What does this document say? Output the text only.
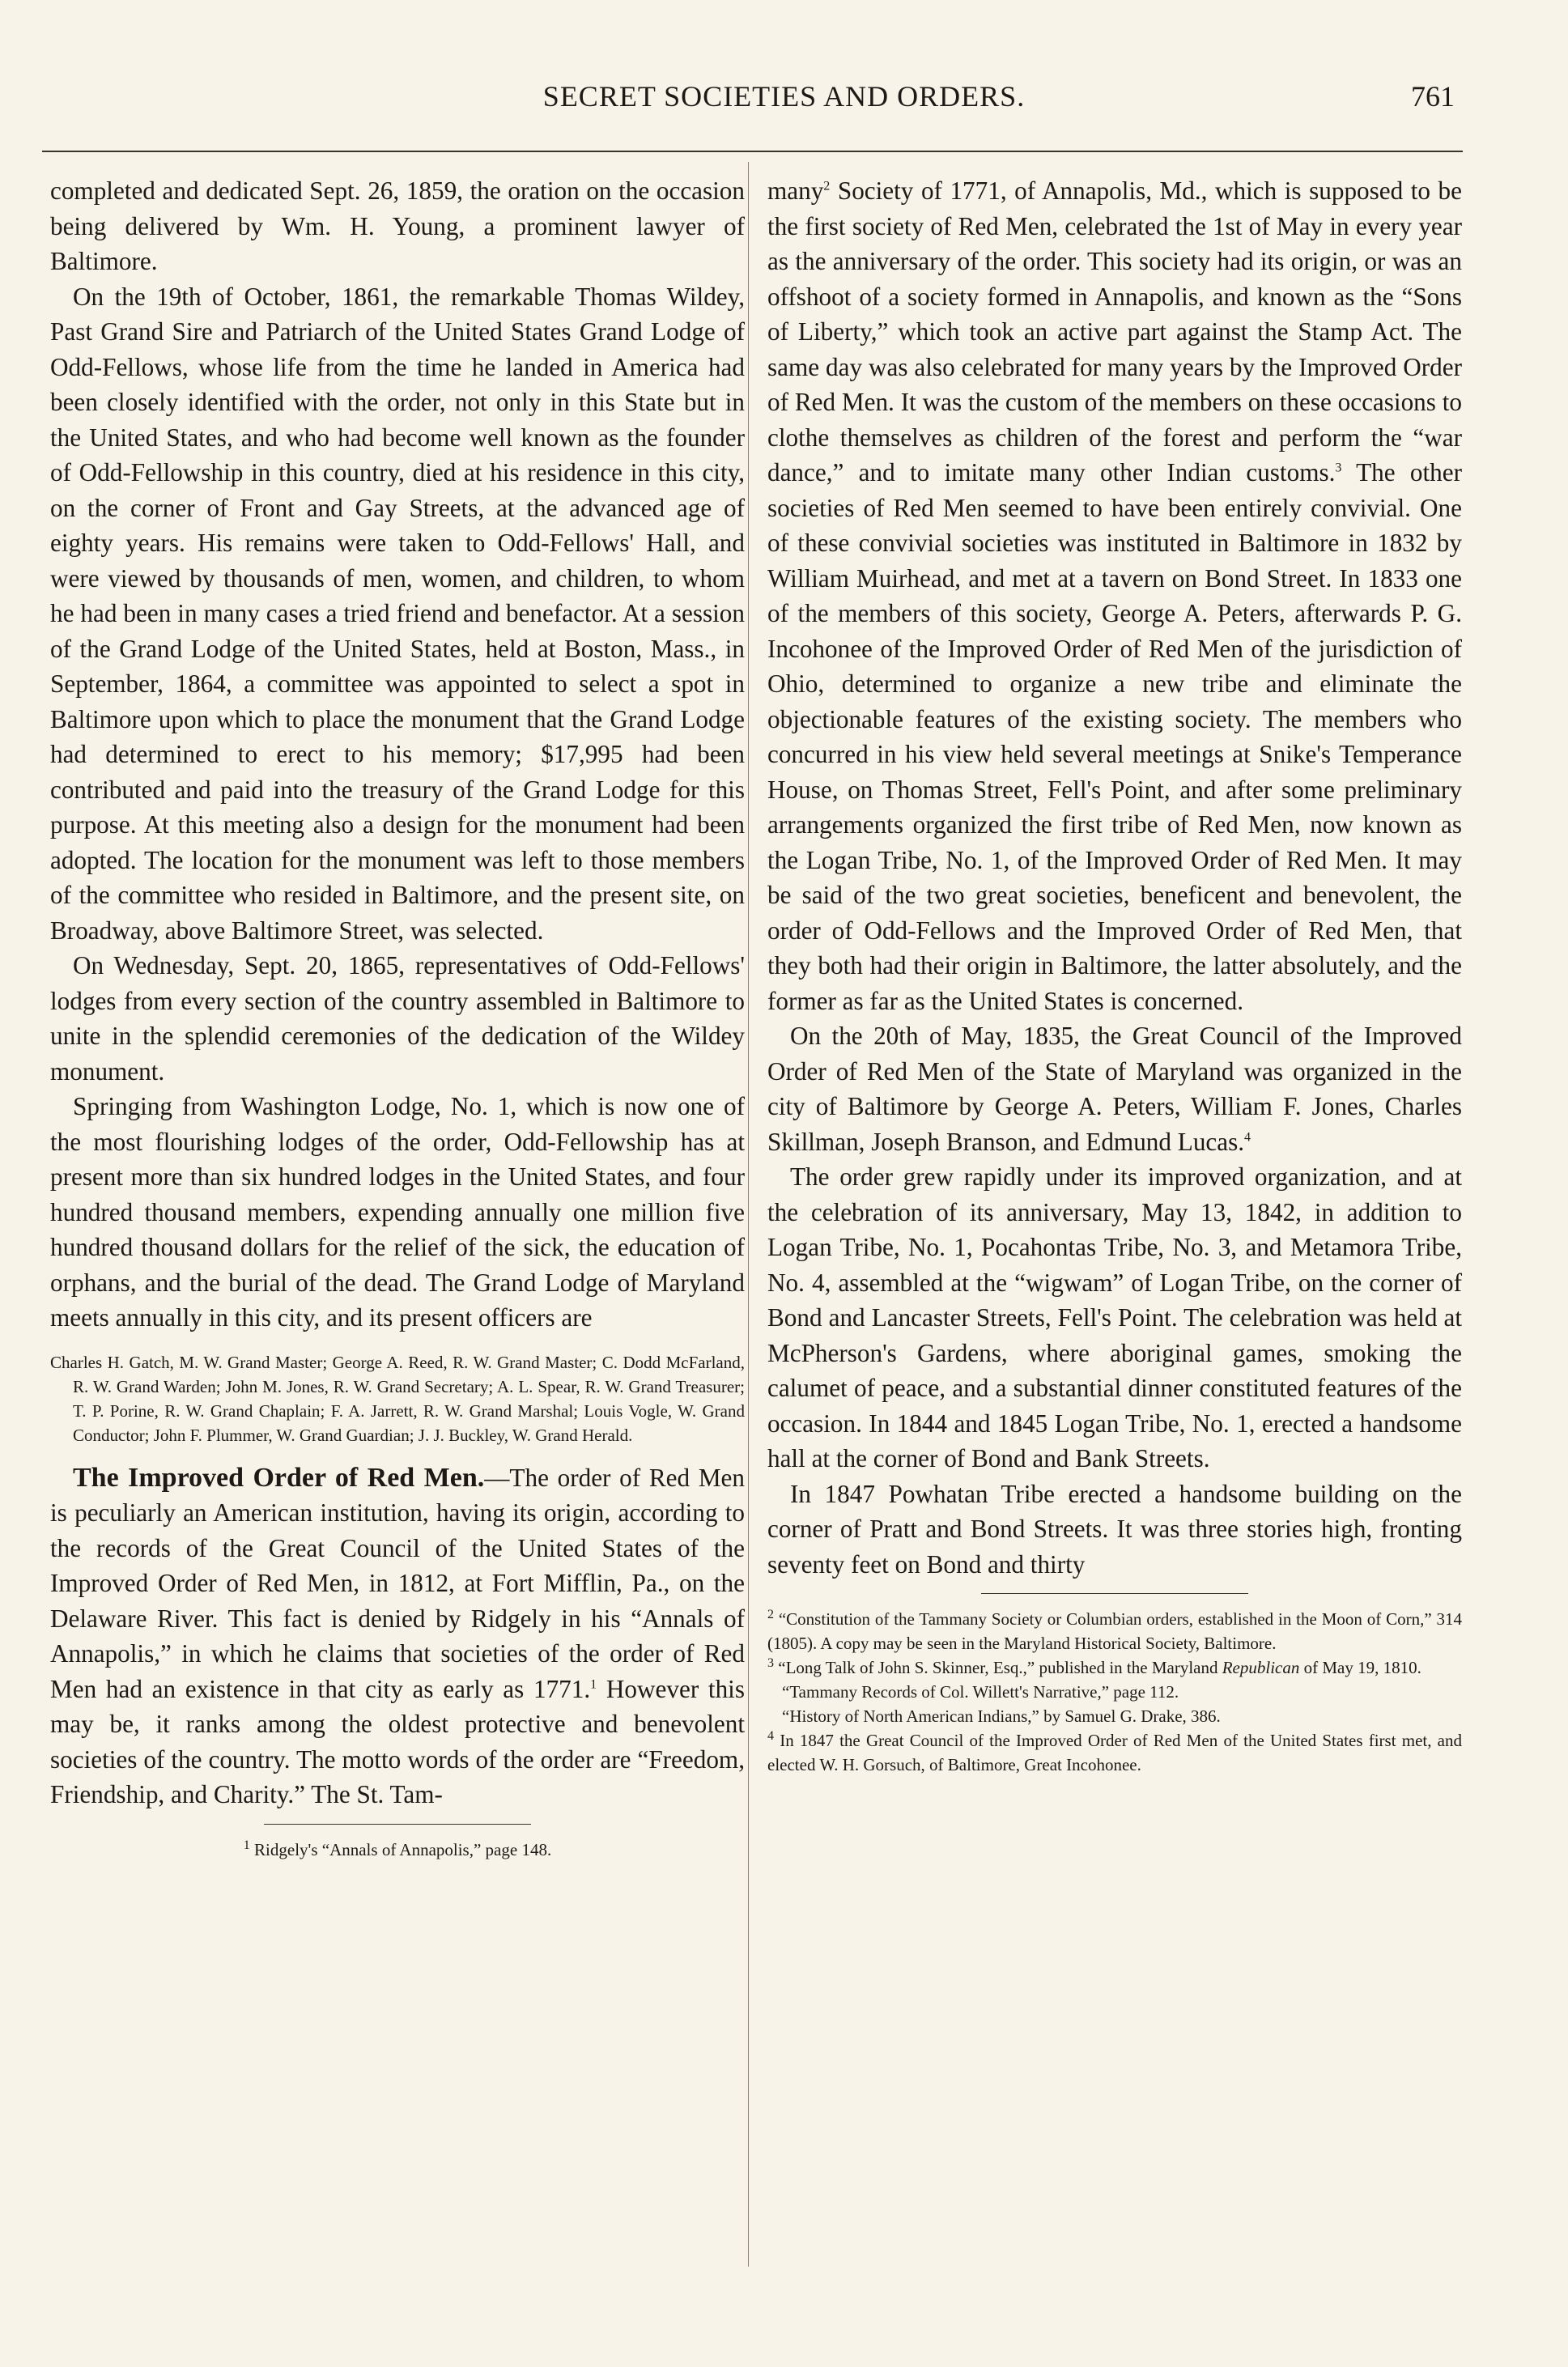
SECRET SOCIETIES AND ORDERS.	761

completed and dedicated Sept. 26, 1859, the oration on the occasion being delivered by Wm. H. Young, a prominent lawyer of Baltimore.

On the 19th of October, 1861, the remarkable Thomas Wildey, Past Grand Sire and Patriarch of the United States Grand Lodge of Odd-Fellows, whose life from the time he landed in America had been closely identified with the order, not only in this State but in the United States, and who had become well known as the founder of Odd-Fellowship in this country, died at his residence in this city, on the corner of Front and Gay Streets, at the advanced age of eighty years. His remains were taken to Odd-Fellows' Hall, and were viewed by thousands of men, women, and children, to whom he had been in many cases a tried friend and benefactor. At a session of the Grand Lodge of the United States, held at Boston, Mass., in September, 1864, a committee was appointed to select a spot in Baltimore upon which to place the monument that the Grand Lodge had determined to erect to his memory; $17,995 had been contributed and paid into the treasury of the Grand Lodge for this purpose. At this meeting also a design for the monument had been adopted. The location for the monument was left to those members of the committee who resided in Baltimore, and the present site, on Broadway, above Baltimore Street, was selected.

On Wednesday, Sept. 20, 1865, representatives of Odd-Fellows' lodges from every section of the country assembled in Baltimore to unite in the splendid ceremonies of the dedication of the Wildey monument.

Springing from Washington Lodge, No. 1, which is now one of the most flourishing lodges of the order, Odd-Fellowship has at present more than six hundred lodges in the United States, and four hundred thousand members, expending annually one million five hundred thousand dollars for the relief of the sick, the education of orphans, and the burial of the dead. The Grand Lodge of Maryland meets annually in this city, and its present officers are

Charles H. Gatch, M. W. Grand Master; George A. Reed, R. W. Grand Master; C. Dodd McFarland, R. W. Grand Warden; John M. Jones, R. W. Grand Secretary; A. L. Spear, R. W. Grand Treasurer; T. P. Porine, R. W. Grand Chaplain; F. A. Jarrett, R. W. Grand Marshal; Louis Vogle, W. Grand Conductor; John F. Plummer, W. Grand Guardian; J. J. Buckley, W. Grand Herald.

The Improved Order of Red Men.—The order of Red Men is peculiarly an American institution, having its origin, according to the records of the Great Council of the United States of the Improved Order of Red Men, in 1812, at Fort Mifflin, Pa., on the Delaware River. This fact is denied by Ridgely in his “Annals of Annapolis,” in which he claims that societies of the order of Red Men had an existence in that city as early as 1771.$^1$ However this may be, it ranks among the oldest protective and benevolent societies of the country. The motto words of the order are “Freedom, Friendship, and Charity.” The St. Tam-

$^1$ Ridgely's “Annals of Annapolis,” page 148.

many$^2$ Society of 1771, of Annapolis, Md., which is supposed to be the first society of Red Men, celebrated the 1st of May in every year as the anniversary of the order. This society had its origin, or was an offshoot of a society formed in Annapolis, and known as the “Sons of Liberty,” which took an active part against the Stamp Act. The same day was also celebrated for many years by the Improved Order of Red Men. It was the custom of the members on these occasions to clothe themselves as children of the forest and perform the “war dance,” and to imitate many other Indian customs.$^3$ The other societies of Red Men seemed to have been entirely convivial. One of these convivial societies was instituted in Baltimore in 1832 by William Muirhead, and met at a tavern on Bond Street. In 1833 one of the members of this society, George A. Peters, afterwards P. G. Incohonee of the Improved Order of Red Men of the jurisdiction of Ohio, determined to organize a new tribe and eliminate the objectionable features of the existing society. The members who concurred in his view held several meetings at Snike's Temperance House, on Thomas Street, Fell's Point, and after some preliminary arrangements organized the first tribe of Red Men, now known as the Logan Tribe, No. 1, of the Improved Order of Red Men. It may be said of the two great societies, beneficent and benevolent, the order of Odd-Fellows and the Improved Order of Red Men, that they both had their origin in Baltimore, the latter absolutely, and the former as far as the United States is concerned.

On the 20th of May, 1835, the Great Council of the Improved Order of Red Men of the State of Maryland was organized in the city of Baltimore by George A. Peters, William F. Jones, Charles Skillman, Joseph Branson, and Edmund Lucas.$^4$

The order grew rapidly under its improved organization, and at the celebration of its anniversary, May 13, 1842, in addition to Logan Tribe, No. 1, Pocahontas Tribe, No. 3, and Metamora Tribe, No. 4, assembled at the “wigwam” of Logan Tribe, on the corner of Bond and Lancaster Streets, Fell's Point. The celebration was held at McPherson's Gardens, where aboriginal games, smoking the calumet of peace, and a substantial dinner constituted features of the occasion. In 1844 and 1845 Logan Tribe, No. 1, erected a handsome hall at the corner of Bond and Bank Streets.

In 1847 Powhatan Tribe erected a handsome building on the corner of Pratt and Bond Streets. It was three stories high, fronting seventy feet on Bond and thirty

$^2$ “Constitution of the Tammany Society or Columbian orders, established in the Moon of Corn,” 314 (1805). A copy may be seen in the Maryland Historical Society, Baltimore.

$^3$ “Long Talk of John S. Skinner, Esq.,” published in the Maryland Republican of May 19, 1810.

“Tammany Records of Col. Willett's Narrative,” page 112.

“History of North American Indians,” by Samuel G. Drake, 386.

$^4$ In 1847 the Great Council of the Improved Order of Red Men of the United States first met, and elected W. H. Gorsuch, of Baltimore, Great Incohonee.
